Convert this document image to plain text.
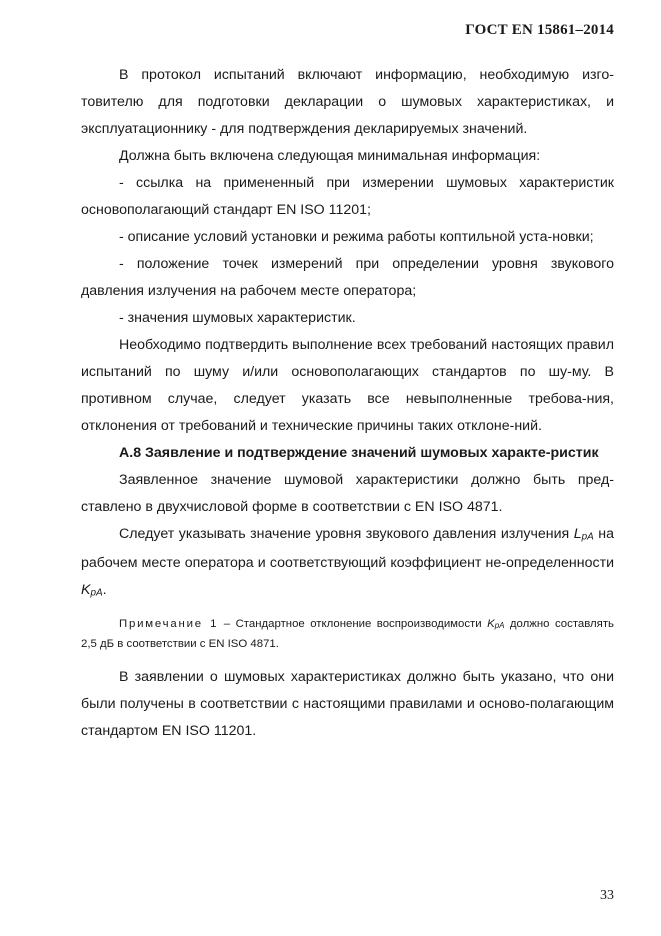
ГОСТ EN 15861–2014

В протокол испытаний включают информацию, необходимую изго-товителю для подготовки декларации о шумовых характеристиках, и эксплуатационнику - для подтверждения декларируемых значений.

Должна быть включена следующая минимальная информация:

- ссылка на примененный при измерении шумовых характеристик основополагающий стандарт EN ISO 11201;

- описание условий установки и режима работы коптильной уста-новки;

- положение точек измерений при определении уровня звукового давления излучения на рабочем месте оператора;

- значения шумовых характеристик.

Необходимо подтвердить выполнение всех требований настоящих правил испытаний по шуму и/или основополагающих стандартов по шу-му. В противном случае, следует указать все невыполненные требова-ния, отклонения от требований и технические причины таких отклоне-ний.

А.8 Заявление и подтверждение значений шумовых характе-ристик

Заявленное значение шумовой характеристики должно быть пред-ставлено в двухчисловой форме в соответствии с EN ISO 4871.

Следует указывать значение уровня звукового давления излучения $L_{pA}$ на рабочем месте оператора и соответствующий коэффициент не-определенности $K_{pA}$.

Примечание 1 – Стандартное отклонение воспроизводимости $K_{pA}$ должно составлять 2,5 дБ в соответствии с EN ISO 4871.

В заявлении о шумовых характеристиках должно быть указано, что они были получены в соответствии с настоящими правилами и осново-полагающим стандартом EN ISO 11201.

33
